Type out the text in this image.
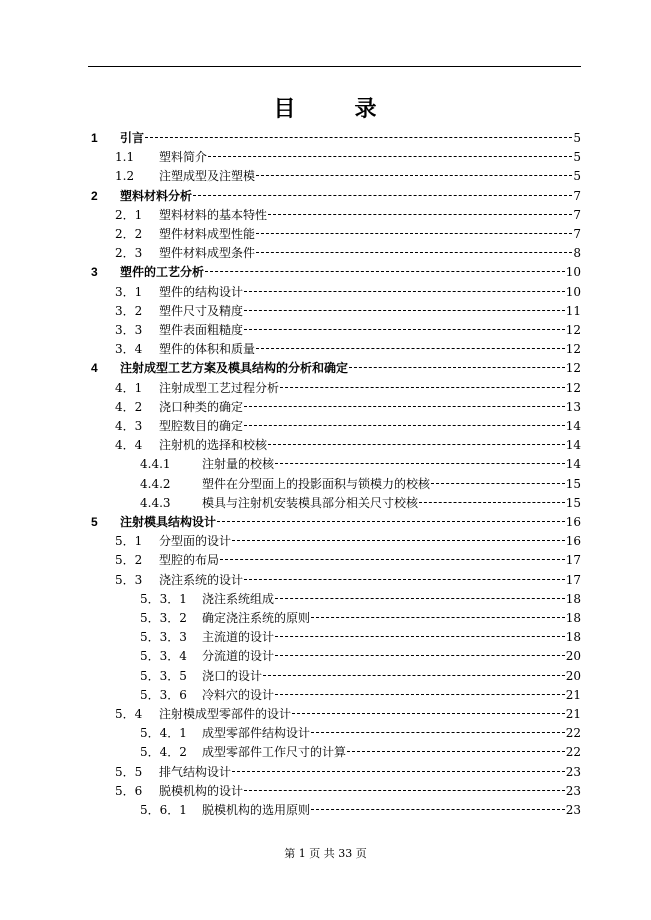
目	录
1	引言	5
1.1	塑料简介	5
1.2	注塑成型及注塑模	5
2	塑料材料分析	7
2．1	塑料材料的基本特性	7
2．2	塑件材料成型性能	7
2．3	塑件材料成型条件	8
3	塑件的工艺分析	10
3．1	塑件的结构设计	10
3．2	塑件尺寸及精度	11
3．3	塑件表面粗糙度	12
3．4	塑件的体积和质量	12
4	注射成型工艺方案及模具结构的分析和确定	12
4．1	注射成型工艺过程分析	12
4．2	浇口种类的确定	13
4．3	型腔数目的确定	14
4．4	注射机的选择和校核	14
4.4.1	注射量的校核	14
4.4.2	塑件在分型面上的投影面积与锁模力的校核	15
4.4.3	模具与注射机安装模具部分相关尺寸校核	15
5	注射模具结构设计	16
5．1	分型面的设计	16
5．2	型腔的布局	17
5．3	浇注系统的设计	17
5．3．1	浇注系统组成	18
5．3．2	确定浇注系统的原则	18
5．3．3	主流道的设计	18
5．3．4	分流道的设计	20
5．3．5	浇口的设计	20
5．3．6	冷料穴的设计	21
5．4	注射模成型零部件的设计	21
5．4．1	成型零部件结构设计	22
5．4．2	成型零部件工作尺寸的计算	22
5．5	排气结构设计	23
5．6	脱模机构的设计	23
5．6．1	脱模机构的选用原则	23
第 1 页 共 33 页
